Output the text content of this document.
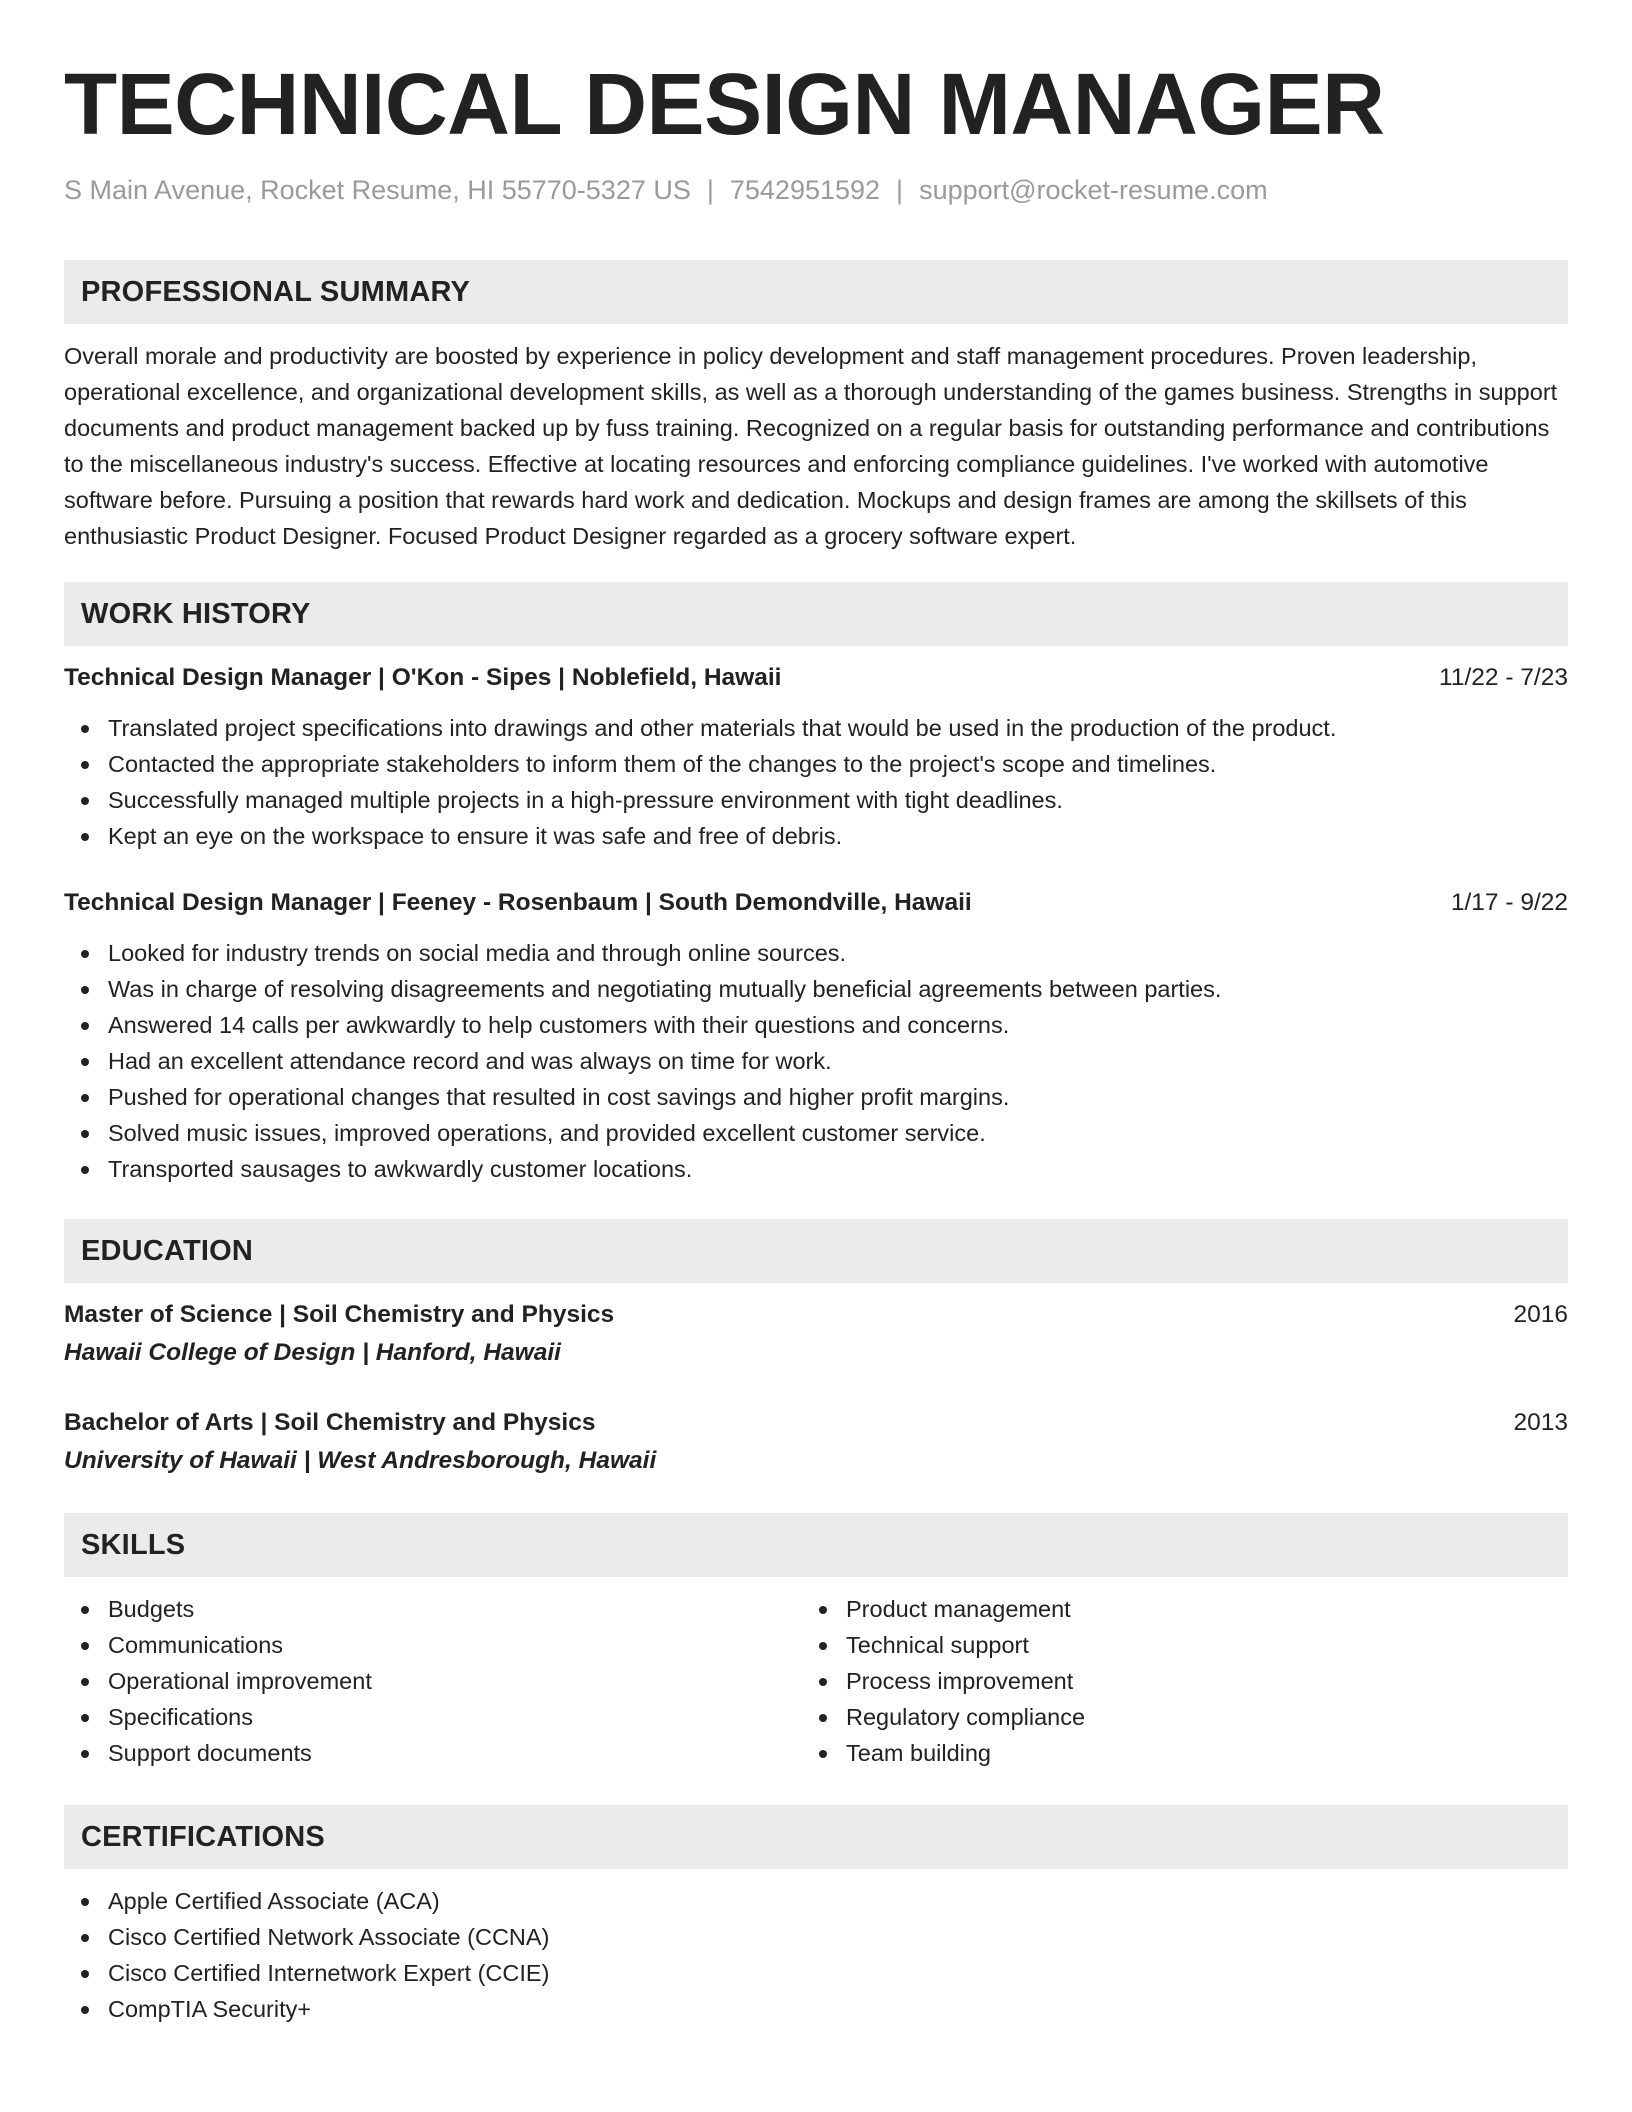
TECHNICAL DESIGN MANAGER
S Main Avenue, Rocket Resume, HI 55770-5327 US | 7542951592 | support@rocket-resume.com
PROFESSIONAL SUMMARY
Overall morale and productivity are boosted by experience in policy development and staff management procedures. Proven leadership, operational excellence, and organizational development skills, as well as a thorough understanding of the games business. Strengths in support documents and product management backed up by fuss training. Recognized on a regular basis for outstanding performance and contributions to the miscellaneous industry's success. Effective at locating resources and enforcing compliance guidelines. I've worked with automotive software before. Pursuing a position that rewards hard work and dedication. Mockups and design frames are among the skillsets of this enthusiastic Product Designer. Focused Product Designer regarded as a grocery software expert.
WORK HISTORY
Technical Design Manager | O'Kon - Sipes | Noblefield, Hawaii	11/22 - 7/23
Translated project specifications into drawings and other materials that would be used in the production of the product.
Contacted the appropriate stakeholders to inform them of the changes to the project's scope and timelines.
Successfully managed multiple projects in a high-pressure environment with tight deadlines.
Kept an eye on the workspace to ensure it was safe and free of debris.
Technical Design Manager | Feeney - Rosenbaum | South Demondville, Hawaii	1/17 - 9/22
Looked for industry trends on social media and through online sources.
Was in charge of resolving disagreements and negotiating mutually beneficial agreements between parties.
Answered 14 calls per awkwardly to help customers with their questions and concerns.
Had an excellent attendance record and was always on time for work.
Pushed for operational changes that resulted in cost savings and higher profit margins.
Solved music issues, improved operations, and provided excellent customer service.
Transported sausages to awkwardly customer locations.
EDUCATION
Master of Science | Soil Chemistry and Physics	2016
Hawaii College of Design | Hanford, Hawaii
Bachelor of Arts | Soil Chemistry and Physics	2013
University of Hawaii | West Andresborough, Hawaii
SKILLS
Budgets
Communications
Operational improvement
Specifications
Support documents
Product management
Technical support
Process improvement
Regulatory compliance
Team building
CERTIFICATIONS
Apple Certified Associate (ACA)
Cisco Certified Network Associate (CCNA)
Cisco Certified Internetwork Expert (CCIE)
CompTIA Security+
